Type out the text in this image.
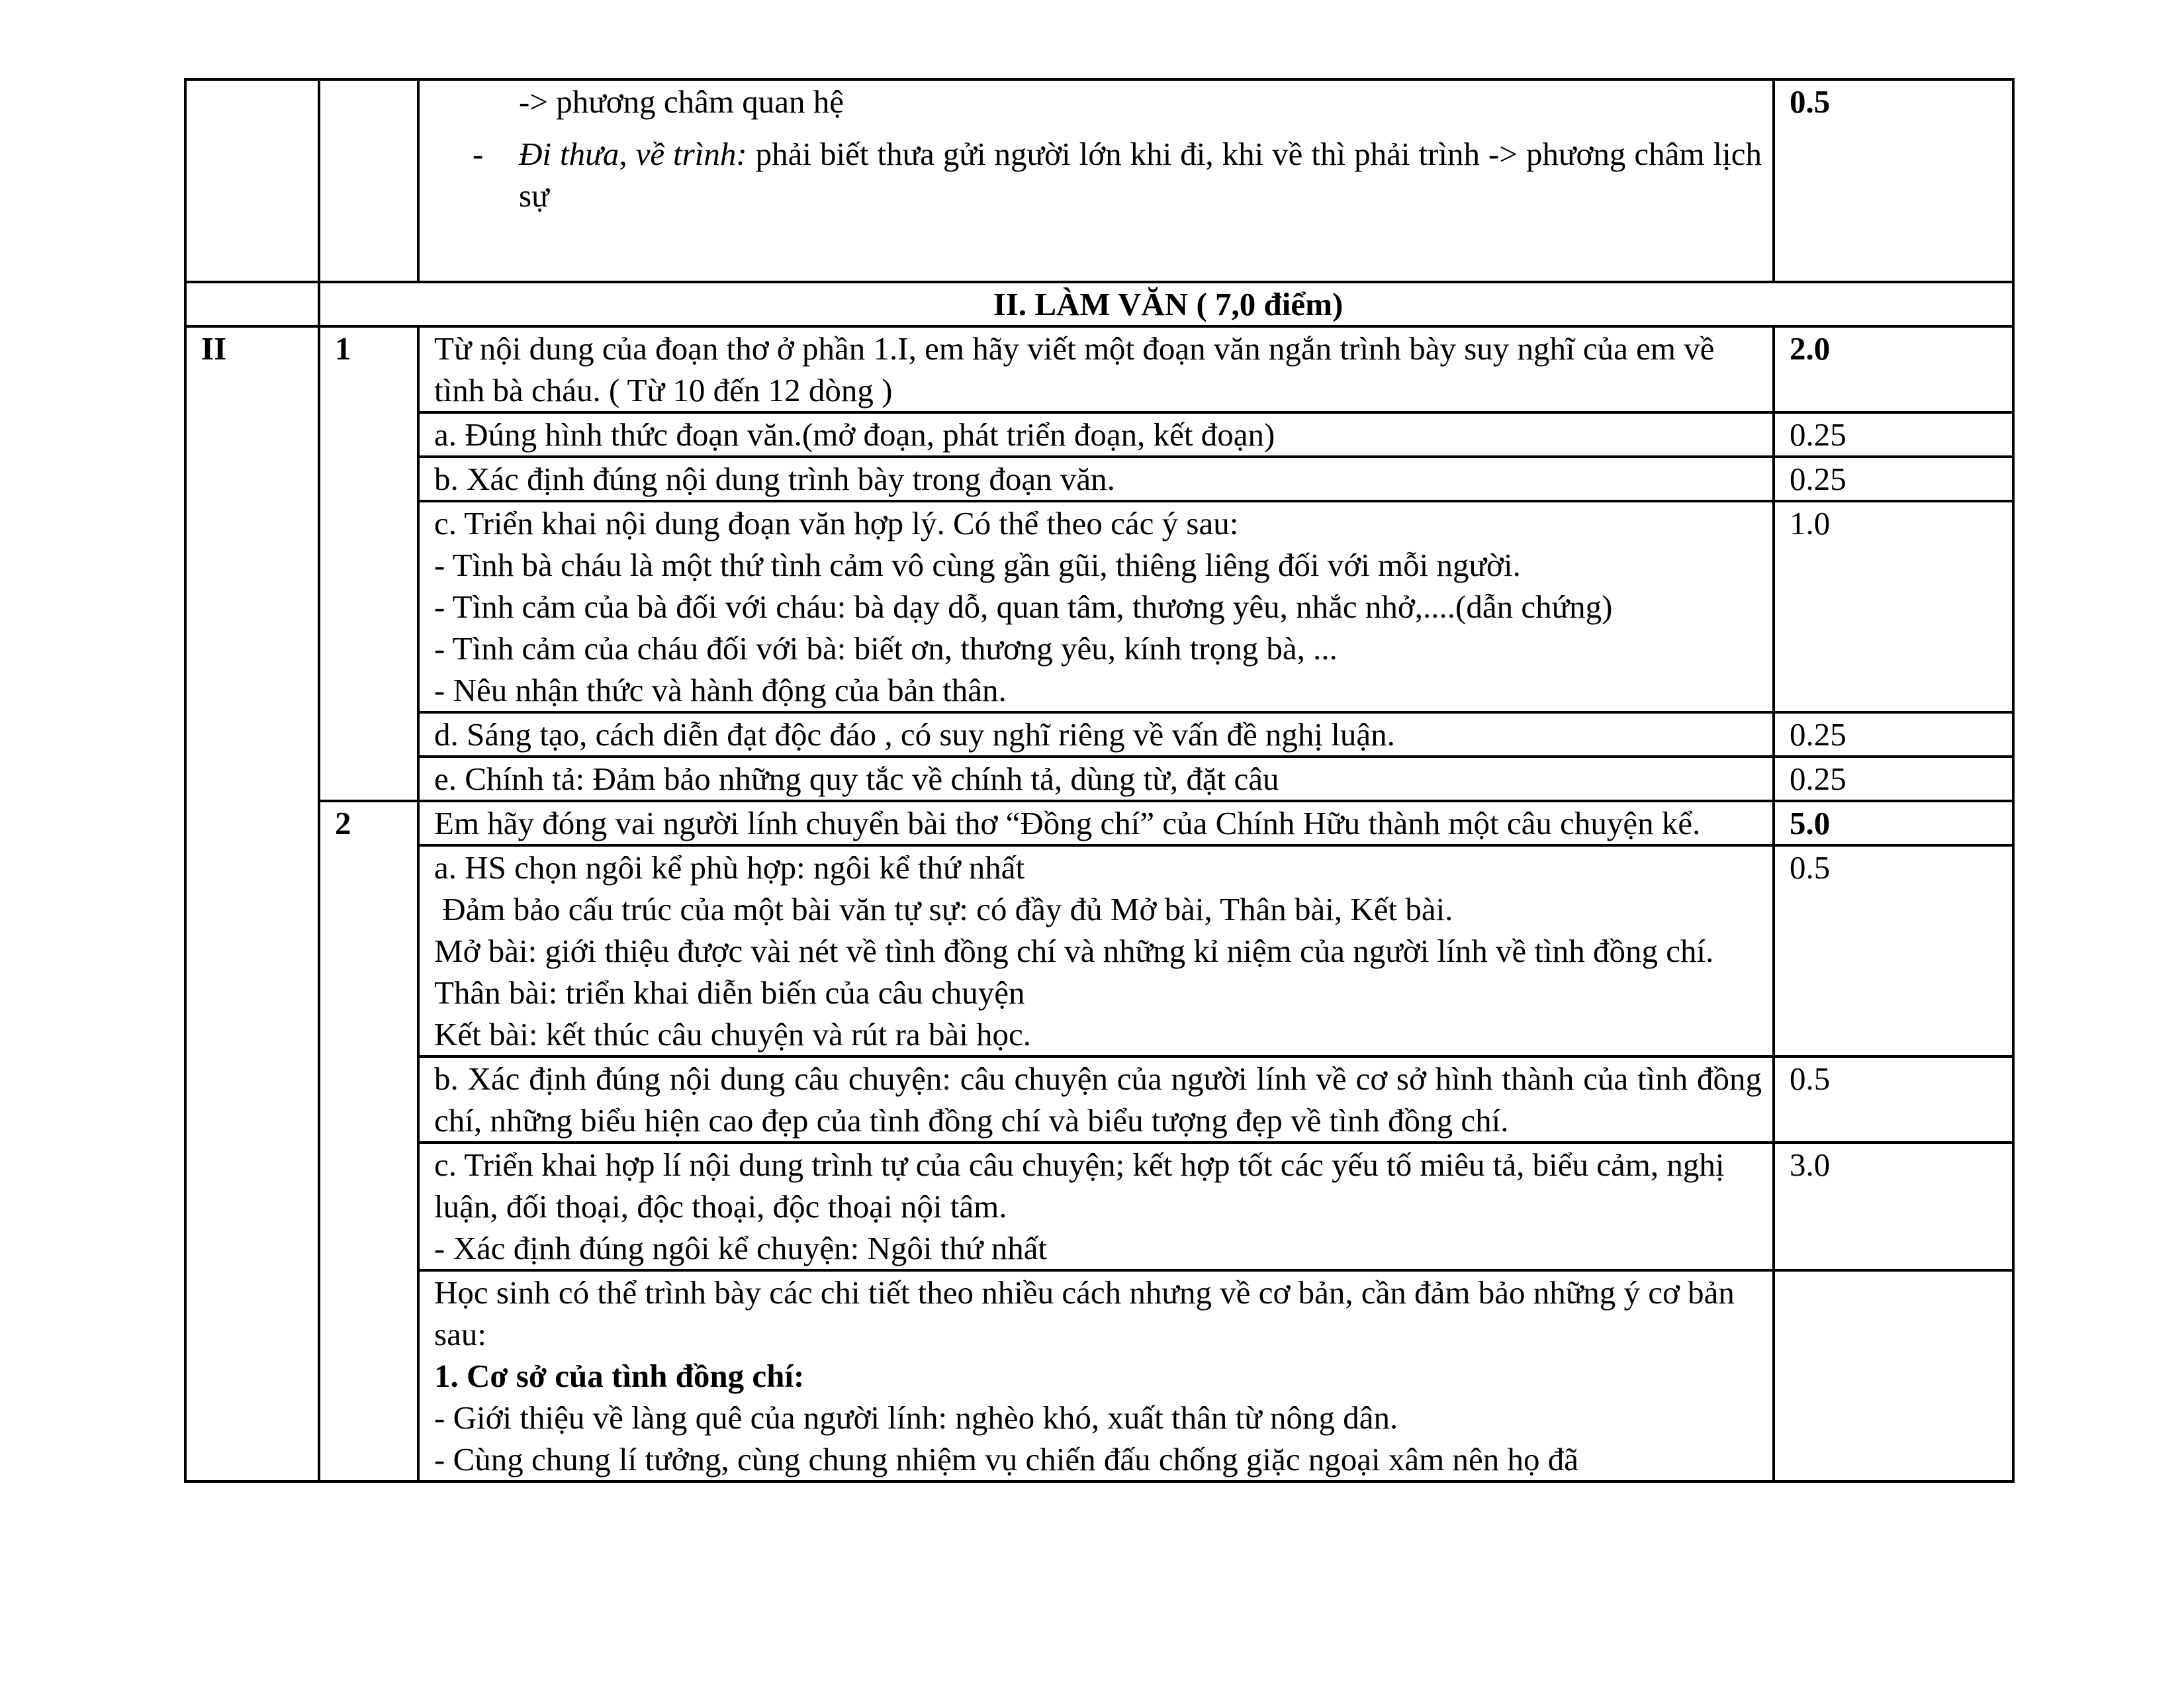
		-> phương châm quan hệ
- Đi thưa, về trình: phải biết thưa gửi người lớn khi đi, khi về thì phải trình -> phương châm lịch sự	0.5
	II. LÀM VĂN ( 7,0 điểm)		
II	1	Từ nội dung của đoạn thơ ở phần 1.I, em hãy viết một đoạn văn ngắn trình bày suy nghĩ của em về tình bà cháu. ( Từ 10 đến 12 dòng )	2.0
		a. Đúng hình thức đoạn văn.(mở đoạn, phát triển đoạn, kết đoạn)	0.25
		b. Xác định đúng nội dung trình bày trong đoạn văn.	0.25

		c. Triển khai nội dung đoạn văn hợp lý. Có thể theo các ý sau:
- Tình bà cháu là một thứ tình cảm vô cùng gần gũi, thiêng liêng đối với mỗi người.
- Tình cảm của bà đối với cháu: bà dạy dỗ, quan tâm, thương yêu, nhắc nhở,....(dẫn chứng)
- Tình cảm của cháu đối với bà: biết ơn, thương yêu, kính trọng bà, ...
- Nêu nhận thức và hành động của bản thân.	1.0
		d. Sáng tạo, cách diễn đạt độc đáo , có suy nghĩ riêng về vấn đề nghị luận.	0.25
		e. Chính tả: Đảm bảo những quy tắc về chính tả, dùng từ, đặt câu	0.25
	2	Em hãy đóng vai người lính chuyển bài thơ “Đồng chí” của Chính Hữu thành một câu chuyện kể.	5.0

		a. HS chọn ngôi kể phù hợp: ngôi kể thứ nhất
Đảm bảo cấu trúc của một bài văn tự sự: có đầy đủ Mở bài, Thân bài, Kết bài.
Mở bài: giới thiệu được vài nét về tình đồng chí và những kỉ niệm của người lính về tình đồng chí.
Thân bài: triển khai diễn biến của câu chuyện
Kết bài: kết thúc câu chuyện và rút ra bài học.	0.5
		b. Xác định đúng nội dung câu chuyện: câu chuyện của người lính về cơ sở hình thành của tình đồng chí, những biểu hiện cao đẹp của tình đồng chí và biểu tượng đẹp về tình đồng chí.	0.5

		c. Triển khai hợp lí nội dung trình tự của câu chuyện; kết hợp tốt các yếu tố miêu tả, biểu cảm, nghị luận, đối thoại, độc thoại, độc thoại nội tâm.
- Xác định đúng ngôi kể chuyện: Ngôi thứ nhất	3.0

		Học sinh có thể trình bày các chi tiết theo nhiều cách nhưng về cơ bản, cần đảm bảo những ý cơ bản sau:
1. Cơ sở của tình đồng chí:
- Giới thiệu về làng quê của người lính: nghèo khó, xuất thân từ nông dân.
- Cùng chung lí tưởng, cùng chung nhiệm vụ chiến đấu chống giặc ngoại xâm nên họ đã	
